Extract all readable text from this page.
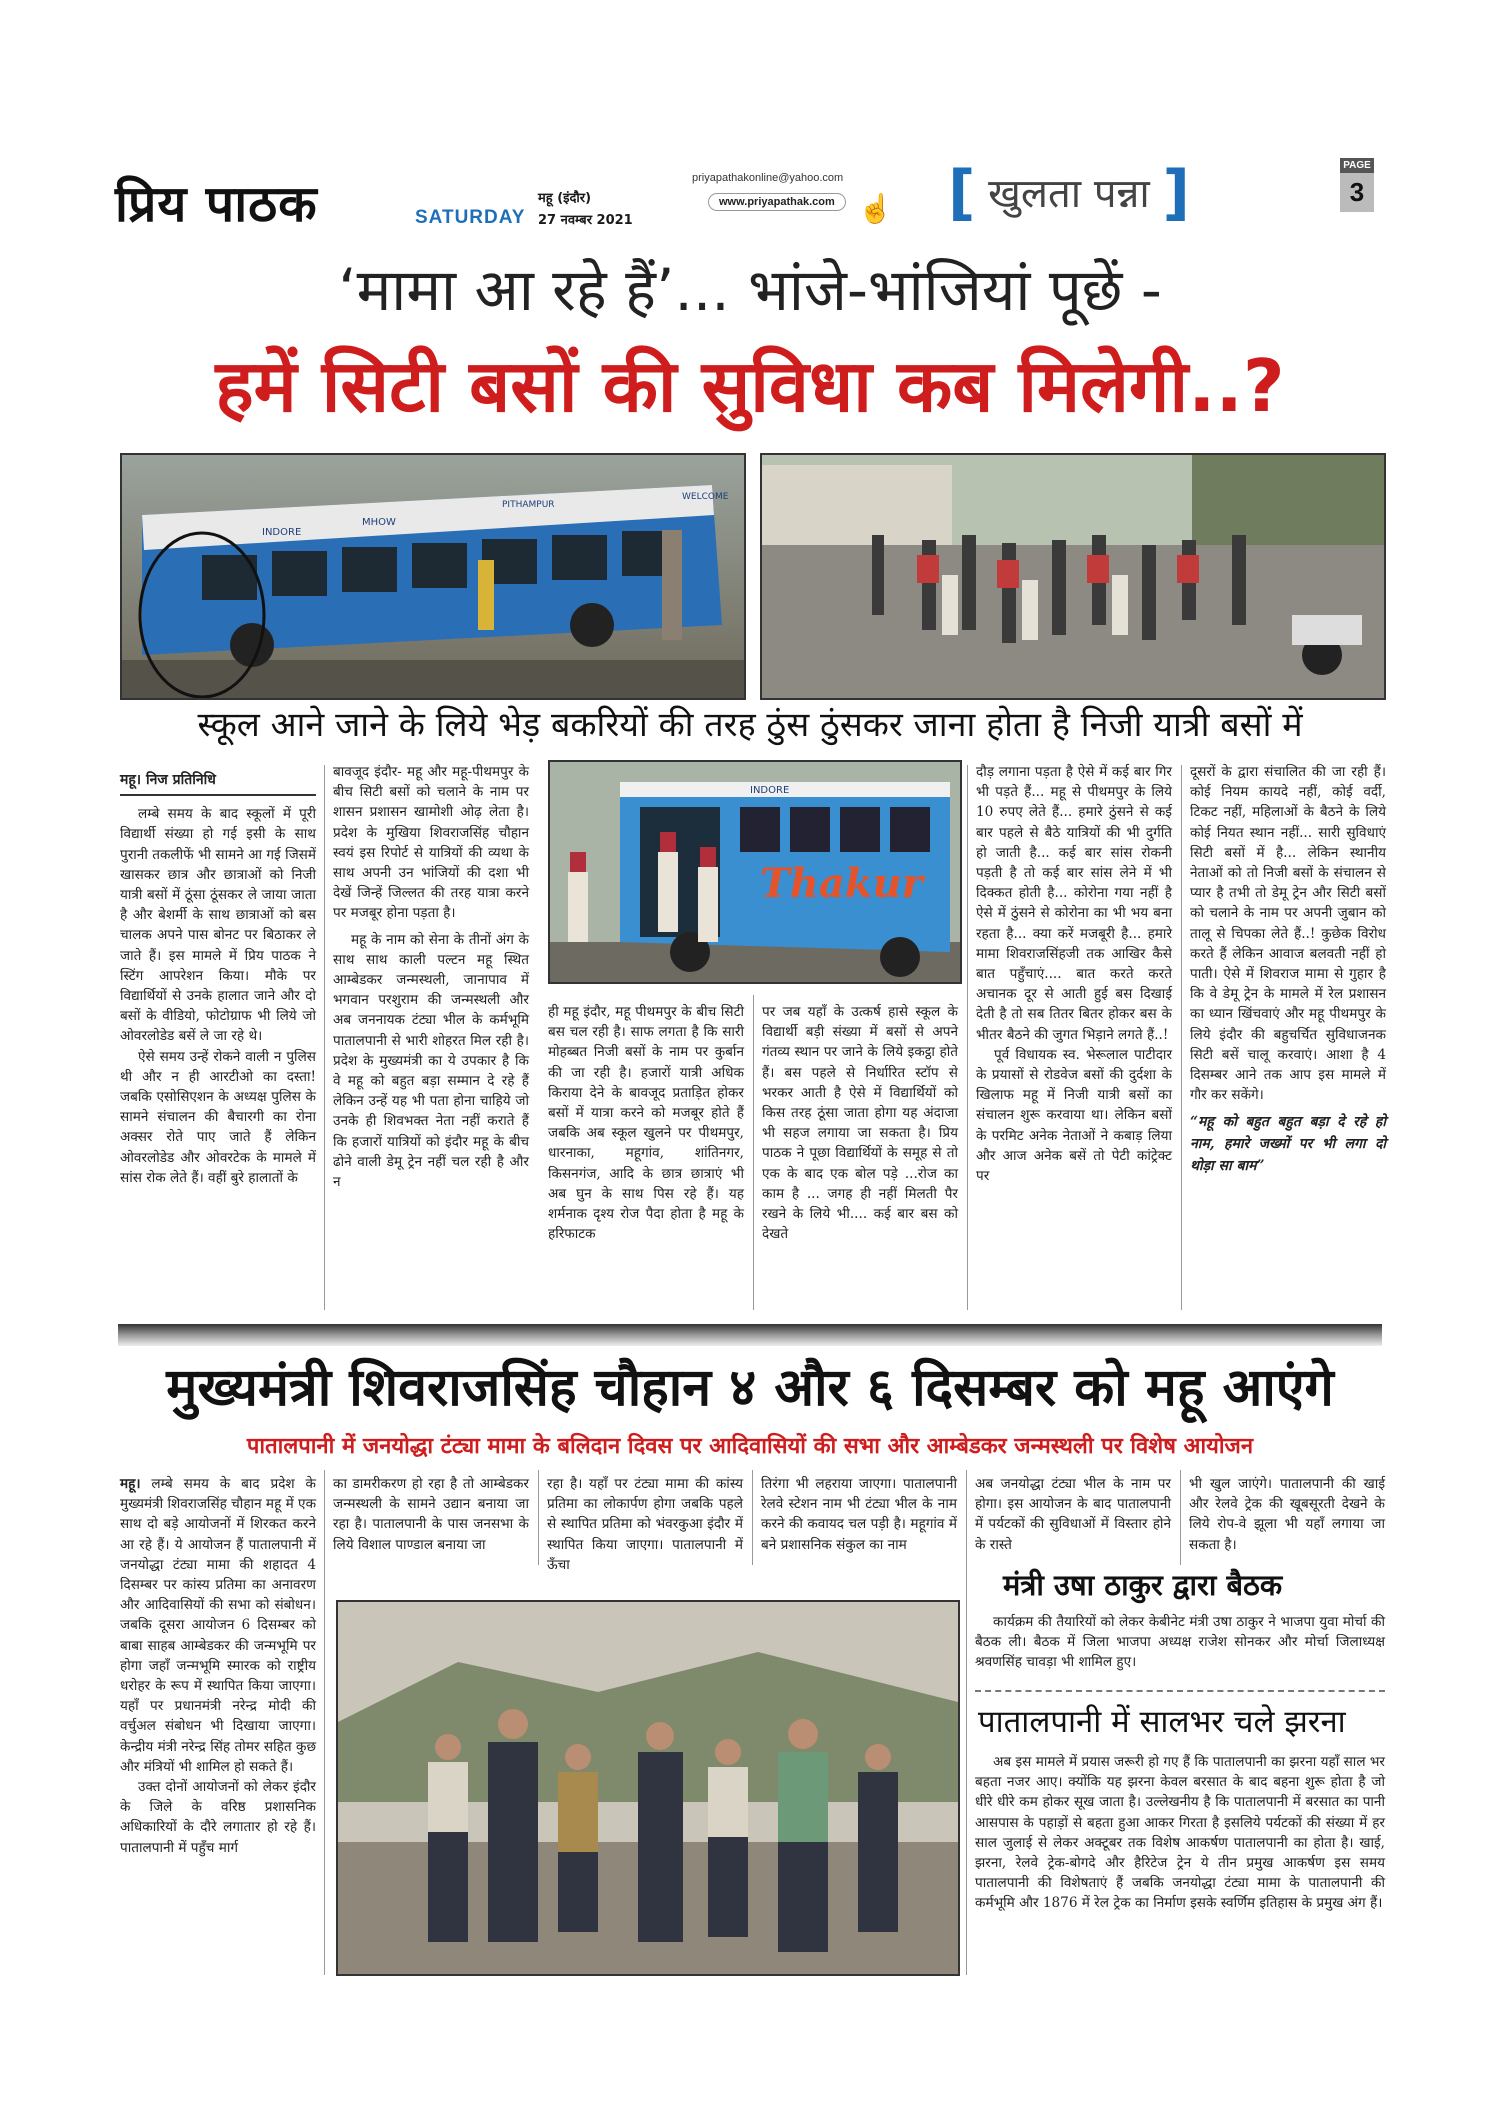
प्रिय पाठक	SATURDAY
महू (इंदौर)
27 नवम्बर 2021
priyapathakonline@yahoo.com
www.priyapathak.com ☝ [ खुलता पन्ना ]	PAGE
3
‘मामा आ रहे हैं’... भांजे-भांजियां पूछें -
हमें सिटी बसों की सुविधा कब मिलेगी..?
INDORE
MHOW
PITHAMPUR
WELCOME
स्कूल आने जाने के लिये भेड़ बकरियों की तरह ठुंस ठुंसकर जाना होता है निजी यात्री बसों में
महू। निज प्रतिनिधि

लम्बे समय के बाद स्कूलों में पूरी विद्यार्थी संख्या हो गई इसी के साथ पुरानी तकलीफें भी सामने आ गई जिसमें खासकर छात्र और छात्राओं को निजी यात्री बसों में ठूंसा ठूंसकर ले जाया जाता है और बेशर्मी के साथ छात्राओं को बस चालक अपने पास बोनट पर बिठाकर ले जाते हैं। इस मामले में प्रिय पाठक ने स्टिंग आपरेशन किया। मौके पर विद्यार्थियों से उनके हालात जाने और दो बसों के वीडियो, फोटोग्राफ भी लिये जो ओवरलोडेड बसें ले जा रहे थे।

ऐसे समय उन्हें रोकने वाली न पुलिस थी और न ही आरटीओ का दस्ता! जबकि एसोसिएशन के अध्यक्ष पुलिस के सामने संचालन की बैचारगी का रोना अक्सर रोते पाए जाते हैं लेकिन ओवरलोडेड और ओवरटेक के मामले में सांस रोक लेते हैं। वहीं बुरे हालातों के

बावजूद इंदौर- महू और महू-पीथमपुर के बीच सिटी बसों को चलाने के नाम पर शासन प्रशासन खामोशी ओढ़ लेता है। प्रदेश के मुखिया शिवराजसिंह चौहान स्वयं इस रिपोर्ट से यात्रियों की व्यथा के साथ अपनी उन भांजियों की दशा भी देखें जिन्हें जिल्लत की तरह यात्रा करने पर मजबूर होना पड़ता है।

महू के नाम को सेना के तीनों अंग के साथ साथ काली पल्टन महू स्थित आम्बेडकर जन्मस्थली, जानापाव में भगवान परशुराम की जन्मस्थली और अब जननायक टंट्या भील के कर्मभूमि पातालपानी से भारी शोहरत मिल रही है। प्रदेश के मुख्यमंत्री का ये उपकार है कि वे महू को बहुत बड़ा सम्मान दे रहे हैं लेकिन उन्हें यह भी पता होना चाहिये जो उनके ही शिवभक्त नेता नहीं कराते हैं कि हजारों यात्रियों को इंदौर महू के बीच ढोने वाली डेमू ट्रेन नहीं चल रही है और न

INDORE
Thakur

ही महू इंदौर, महू पीथमपुर के बीच सिटी बस चल रही है। साफ लगता है कि सारी मोहब्बत निजी बसों के नाम पर कुर्बान की जा रही है। हजारों यात्री अधिक किराया देने के बावजूद प्रताड़ित होकर बसों में यात्रा करने को मजबूर होते हैं जबकि अब स्कूल खुलने पर पीथमपुर, धारनाका, महूगांव, शांतिनगर, किसनगंज, आदि के छात्र छात्राएं भी अब घुन के साथ पिस रहे हैं। यह शर्मनाक दृश्य रोज पैदा होता है महू के हरिफाटक

पर जब यहाँ के उत्कर्ष हासे स्कूल के विद्यार्थी बड़ी संख्या में बसों से अपने गंतव्य स्थान पर जाने के लिये इकट्ठा होते हैं। बस पहले से निर्धारित स्टॉप से भरकर आती है ऐसे में विद्यार्थियों को किस तरह ठूंसा जाता होगा यह अंदाजा भी सहज लगाया जा सकता है। प्रिय पाठक ने पूछा विद्यार्थियों के समूह से तो एक के बाद एक बोल पड़े ...रोज का काम है ... जगह ही नहीं मिलती पैर रखने के लिये भी.... कई बार बस को देखते

दौड़ लगाना पड़ता है ऐसे में कई बार गिर भी पड़ते हैं... महू से पीथमपुर के लिये 10 रुपए लेते हैं... हमारे ठुंसने से कई बार पहले से बैठे यात्रियों की भी दुर्गति हो जाती है... कई बार सांस रोकनी पड़ती है तो कई बार सांस लेने में भी दिक्कत होती है... कोरोना गया नहीं है ऐसे में ठुंसने से कोरोना का भी भय बना रहता है... क्या करें मजबूरी है... हमारे मामा शिवराजसिंहजी तक आखिर कैसे बात पहुँचाएं.... बात करते करते अचानक दूर से आती हुई बस दिखाई देती है तो सब तितर बितर होकर बस के भीतर बैठने की जुगत भिड़ाने लगते हैं..!

पूर्व विधायक स्व. भेरूलाल पाटीदार के प्रयासों से रोडवेज बसों की दुर्दशा के खिलाफ महू में निजी यात्री बसों का संचालन शुरू करवाया था। लेकिन बसों के परमिट अनेक नेताओं ने कबाड़ लिया और आज अनेक बसें तो पेटी कांट्रेक्ट पर

दूसरों के द्वारा संचालित की जा रही हैं। कोई नियम कायदे नहीं, कोई वर्दी, टिकट नहीं, महिलाओं के बैठने के लिये कोई नियत स्थान नहीं... सारी सुविधाएं सिटी बसों में है... लेकिन स्थानीय नेताओं को तो निजी बसों के संचालन से प्यार है तभी तो डेमू ट्रेन और सिटी बसों को चलाने के नाम पर अपनी जुबान को तालू से चिपका लेते हैं..! कुछेक विरोध करते हैं लेकिन आवाज बलवती नहीं हो पाती। ऐसे में शिवराज मामा से गुहार है कि वे डेमू ट्रेन के मामले में रेल प्रशासन का ध्यान खिंचवाएं और महू पीथमपुर के लिये इंदौर की बहुचर्चित सुविधाजनक सिटी बसें चालू करवाएं। आशा है 4 दिसम्बर आने तक आप इस मामले में गौर कर सकेंगे।

“महू को बहुत बहुत बड़ा दे रहे हो नाम, हमारे जख्मों पर भी लगा दो थोड़ा सा बाम”
मुख्यमंत्री शिवराजसिंह चौहान ४ और ६ दिसम्बर को महू आएंगे
पातालपानी में जनयोद्धा टंट्या मामा के बलिदान दिवस पर आदिवासियों की सभा और आम्बेडकर जन्मस्थली पर विशेष आयोजन

महू। लम्बे समय के बाद प्रदेश के मुख्यमंत्री शिवराजसिंह चौहान महू में एक साथ दो बड़े आयोजनों में शिरकत करने आ रहे हैं। ये आयोजन हैं पातालपानी में जनयोद्धा टंट्या मामा की शहादत 4 दिसम्बर पर कांस्य प्रतिमा का अनावरण और आदिवासियों की सभा को संबोधन। जबकि दूसरा आयोजन 6 दिसम्बर को बाबा साहब आम्बेडकर की जन्मभूमि पर होगा जहाँ जन्मभूमि स्मारक को राष्ट्रीय धरोहर के रूप में स्थापित किया जाएगा। यहाँ पर प्रधानमंत्री नरेन्द्र मोदी की वर्चुअल संबोधन भी दिखाया जाएगा। केन्द्रीय मंत्री नरेन्द्र सिंह तोमर सहित कुछ और मंत्रियों भी शामिल हो सकते हैं।

उक्त दोनों आयोजनों को लेकर इंदौर के जिले के वरिष्ठ प्रशासनिक अधिकारियों के दौरे लगातार हो रहे हैं। पातालपानी में पहुँच मार्ग

का डामरीकरण हो रहा है तो आम्बेडकर जन्मस्थली के सामने उद्यान बनाया जा रहा है। पातालपानी के पास जनसभा के लिये विशाल पाण्डाल बनाया जा

रहा है। यहाँ पर टंट्या मामा की कांस्य प्रतिमा का लोकार्पण होगा जबकि पहले से स्थापित प्रतिमा को भंवरकुआ इंदौर में स्थापित किया जाएगा। पातालपानी में ऊँचा

तिरंगा भी लहराया जाएगा। पातालपानी रेलवे स्टेशन नाम भी टंट्या भील के नाम करने की कवायद चल पड़ी है। महूगांव में बने प्रशासनिक संकुल का नाम

अब जनयोद्धा टंट्या भील के नाम पर होगा। इस आयोजन के बाद पातालपानी में पर्यटकों की सुविधाओं में विस्तार होने के रास्ते

भी खुल जाएंगे। पातालपानी की खाई और रेलवे ट्रेक की खूबसूरती देखने के लिये रोप-वे झूला भी यहाँ लगाया जा सकता है।

मंत्री उषा ठाकुर द्वारा बैठक

कार्यक्रम की तैयारियों को लेकर केबीनेट मंत्री उषा ठाकुर ने भाजपा युवा मोर्चा की बैठक ली। बैठक में जिला भाजपा अध्यक्ष राजेश सोनकर और मोर्चा जिलाध्यक्ष श्रवणसिंह चावड़ा भी शामिल हुए।

पातालपानी में सालभर चले झरना

अब इस मामले में प्रयास जरूरी हो गए हैं कि पातालपानी का झरना यहाँ साल भर बहता नजर आए। क्योंकि यह झरना केवल बरसात के बाद बहना शुरू होता है जो धीरे धीरे कम होकर सूख जाता है। उल्लेखनीय है कि पातालपानी में बरसात का पानी आसपास के पहाड़ों से बहता हुआ आकर गिरता है इसलिये पर्यटकों की संख्या में हर साल जुलाई से लेकर अक्टूबर तक विशेष आकर्षण पातालपानी का होता है। खाई, झरना, रेलवे ट्रेक-बोगदे और हैरिटेज ट्रेन ये तीन प्रमुख आकर्षण इस समय पातालपानी की विशेषताएं हैं जबकि जनयोद्धा टंट्या मामा के पातालपानी की कर्मभूमि और 1876 में रेल ट्रेक का निर्माण इसके स्वर्णिम इतिहास के प्रमुख अंग हैं।
